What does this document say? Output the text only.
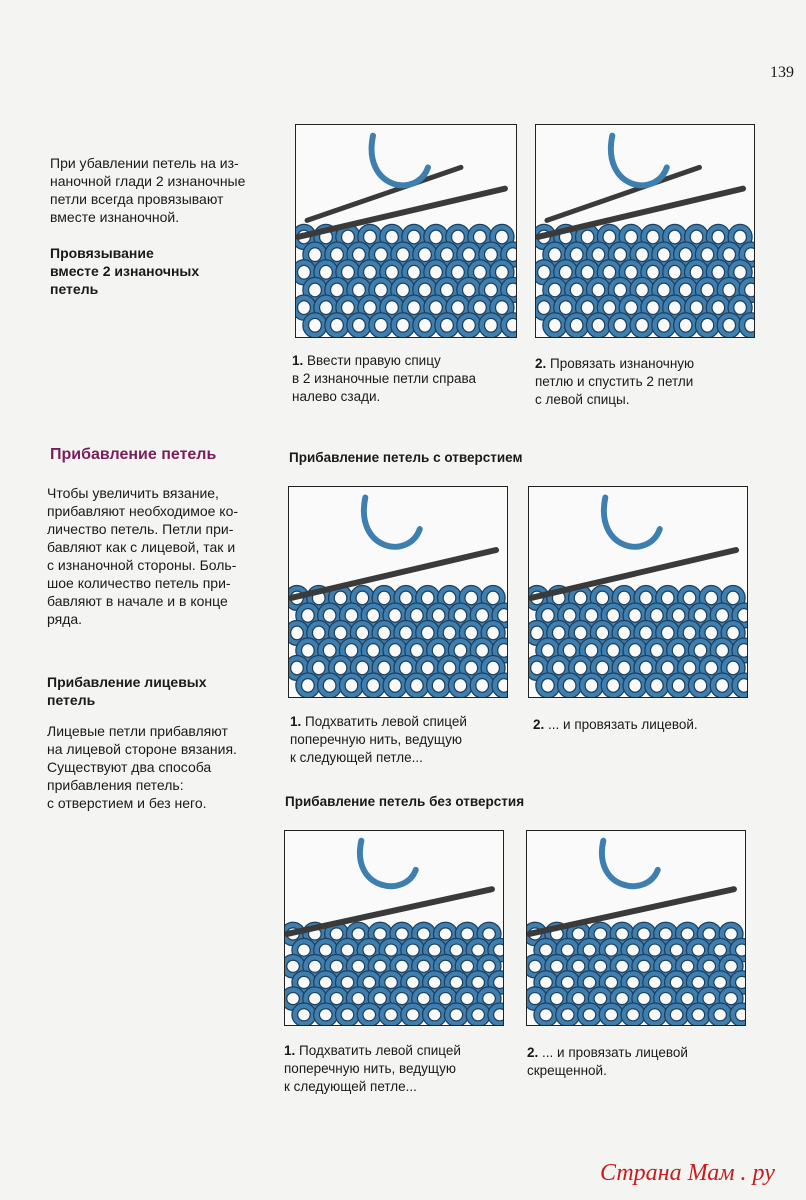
139
При убавлении петель на из-
наночной глади 2 изнаночные
петли всегда провязывают
вместе изнаночной.
Провязывание
вместе 2 изнаночных
петель
1. Ввести правую спицу
в 2 изнаночные петли справа
налево сзади.
2. Провязать изнаночную
петлю и спустить 2 петли
с левой спицы.
Прибавление петель
Чтобы увеличить вязание,
прибавляют необходимое ко-
личество петель. Петли при-
бавляют как с лицевой, так и
с изнаночной стороны. Боль-
шое количество петель при-
бавляют в начале и в конце
ряда.
Прибавление лицевых
петель
Лицевые петли прибавляют
на лицевой стороне вязания.
Существуют два способа
прибавления петель:
с отверстием и без него.
Прибавление петель с отверстием
1. Подхватить левой спицей
поперечную нить, ведущую
к следующей петле...
2. ... и провязать лицевой.
Прибавление петель без отверстия
1. Подхватить левой спицей
поперечную нить, ведущую
к следующей петле...
2. ... и провязать лицевой
скрещенной.
Страна Мам . ру
